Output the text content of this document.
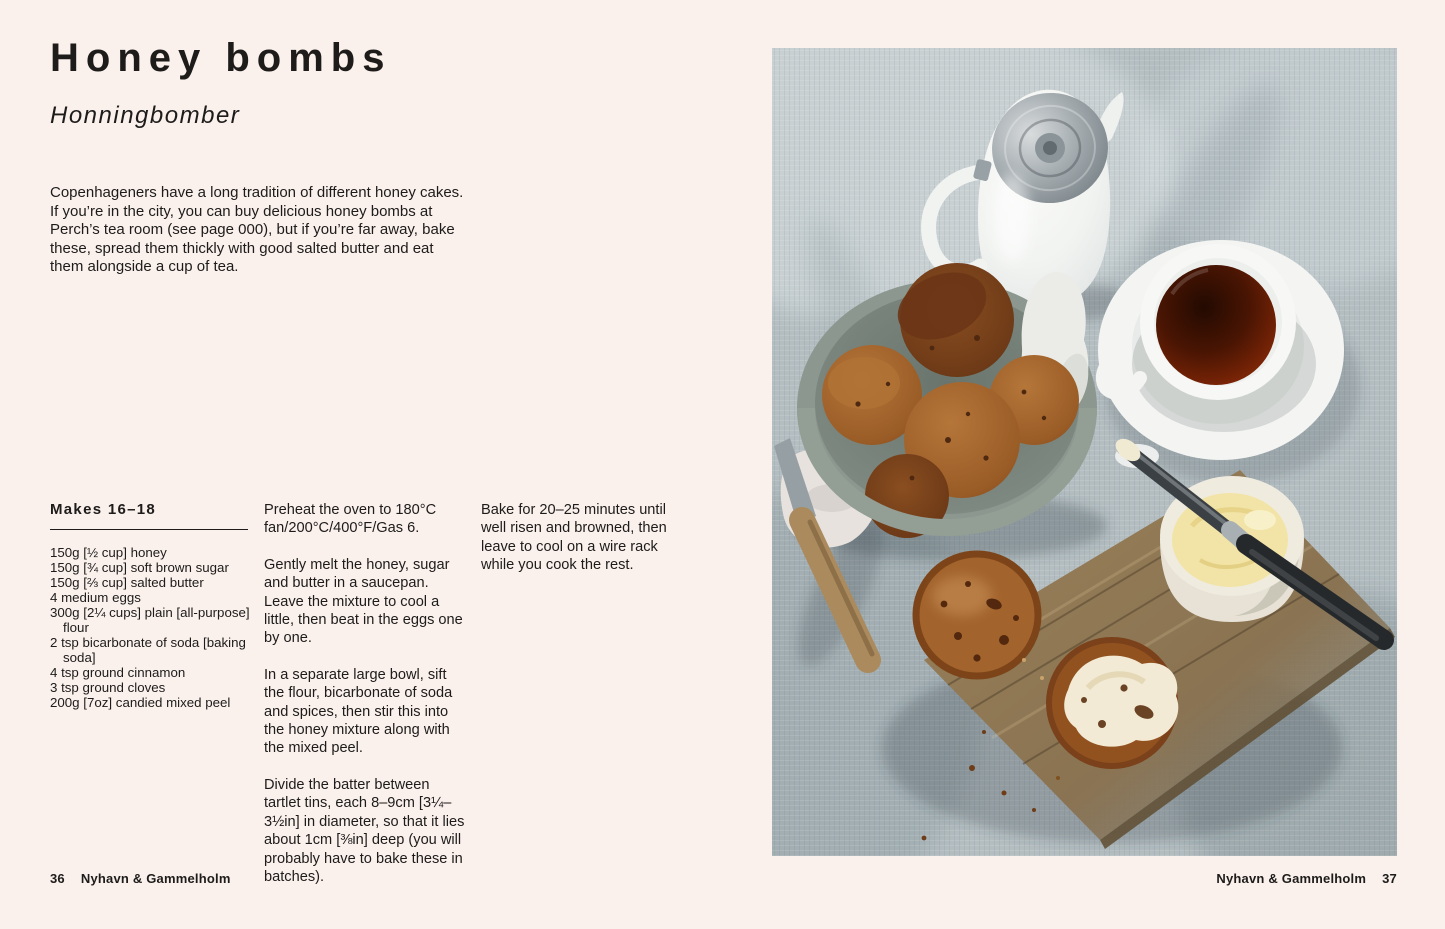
Honey bombs
Honningbomber

Copenhageners have a long tradition of different honey cakes. If you’re in the city, you can buy delicious honey bombs at Perch’s tea room (see page 000), but if you’re far away, bake these, spread them thickly with good salted butter and eat them alongside a cup of tea.

Makes 16–18
150g [½ cup] honey
150g [¾ cup] soft brown sugar
150g [⅔ cup] salted butter
4 medium eggs
300g [2¼ cups] plain [all-purpose] flour
2 tsp bicarbonate of soda [baking soda]
4 tsp ground cinnamon
3 tsp ground cloves
200g [7oz] candied mixed peel

Preheat the oven to 180°C fan/200°C/400°F/Gas 6.

Gently melt the honey, sugar and butter in a saucepan. Leave the mixture to cool a little, then beat in the eggs one by one.

In a separate large bowl, sift the flour, bicarbonate of soda and spices, then stir this into the honey mixture along with the mixed peel.

Divide the batter between tartlet tins, each 8–9cm [3¼–3½in] in diameter, so that it lies about 1cm [⅜in] deep (you will probably have to bake these in batches).

Bake for 20–25 minutes until well risen and browned, then leave to cool on a wire rack while you cook the rest.

36 Nyhavn & Gammelholm	Nyhavn & Gammelholm 37
